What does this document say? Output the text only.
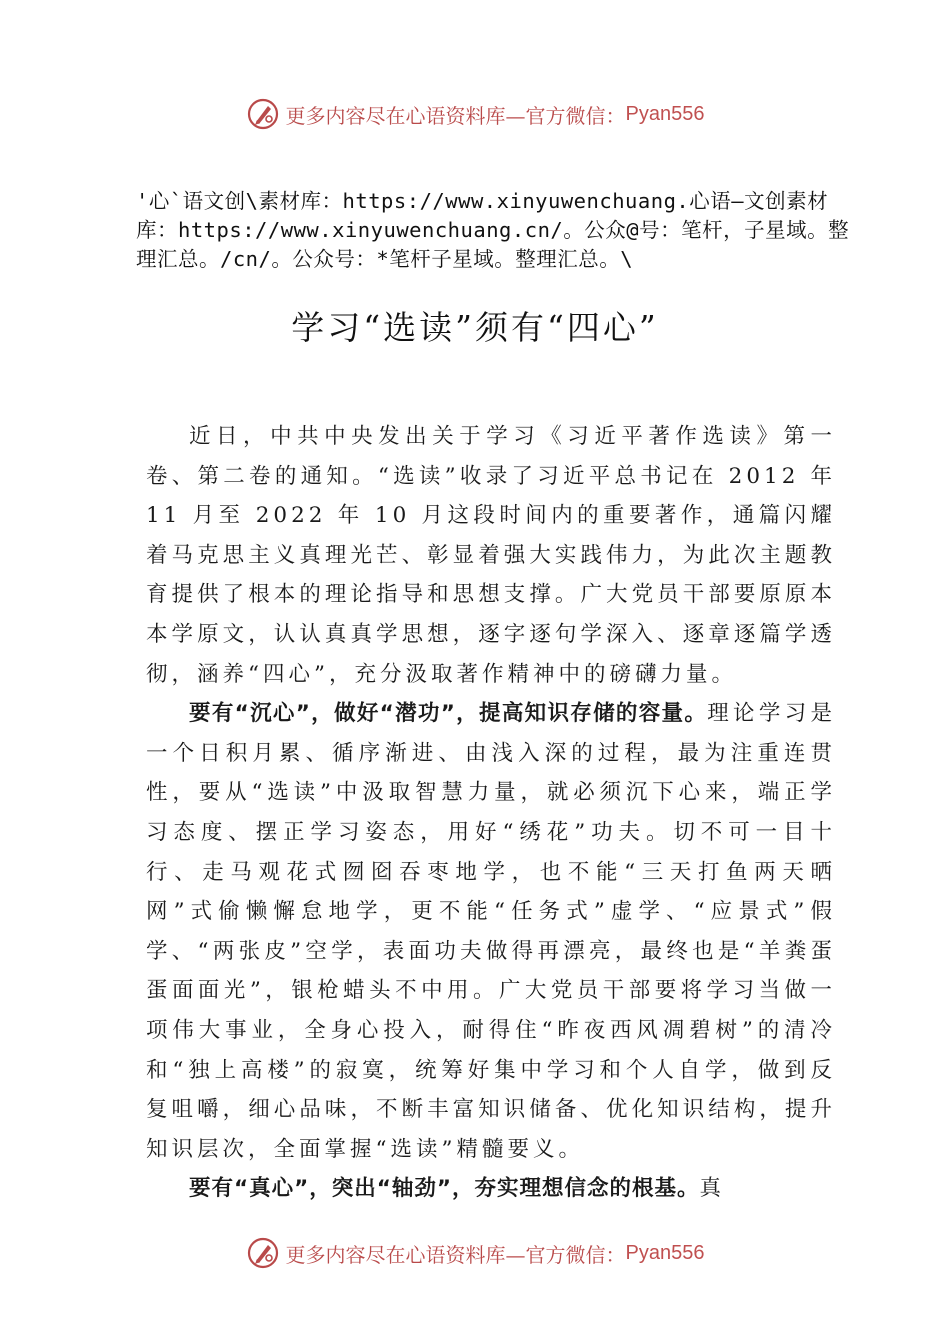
更多内容尽在心语资料库—官方微信： Pyan556
'心`语文创\素材库：https://www.xinyuwenchuang.心语—文创素材库：https://www.xinyuwenchuang.cn/。公众@号：笔杆，子星域。整理汇总。/cn/。公众号：*笔杆子星域。整理汇总。\
学习“选读”须有“四心”

近日，中共中央发出关于学习《习近平著作选读》第一卷、第二卷的通知。“选读”收录了习近平总书记在 2012 年 11 月至 2022 年 10 月这段时间内的重要著作，通篇闪耀着马克思主义真理光芒、彰显着强大实践伟力，为此次主题教育提供了根本的理论指导和思想支撑。广大党员干部要原原本本学原文，认认真真学思想，逐字逐句学深入、逐章逐篇学透彻，涵养“四心”，充分汲取著作精神中的磅礴力量。

要有“沉心”，做好“潜功”，提高知识存储的容量。理论学习是一个日积月累、循序渐进、由浅入深的过程，最为注重连贯性，要从“选读”中汲取智慧力量，就必须沉下心来，端正学习态度、摆正学习姿态，用好“绣花”功夫。切不可一目十行、走马观花式囫囵吞枣地学，也不能“三天打鱼两天晒网”式偷懒懈怠地学，更不能“任务式”虚学、“应景式”假学、“两张皮”空学，表面功夫做得再漂亮，最终也是“羊粪蛋蛋面面光”，银枪蜡头不中用。广大党员干部要将学习当做一项伟大事业，全身心投入，耐得住“昨夜西风凋碧树”的清冷和“独上高楼”的寂寞，统筹好集中学习和个人自学，做到反复咀嚼，细心品味，不断丰富知识储备、优化知识结构，提升知识层次，全面掌握“选读”精髓要义。

要有“真心”，突出“轴劲”，夯实理想信念的根基。真

更多内容尽在心语资料库—官方微信： Pyan556
